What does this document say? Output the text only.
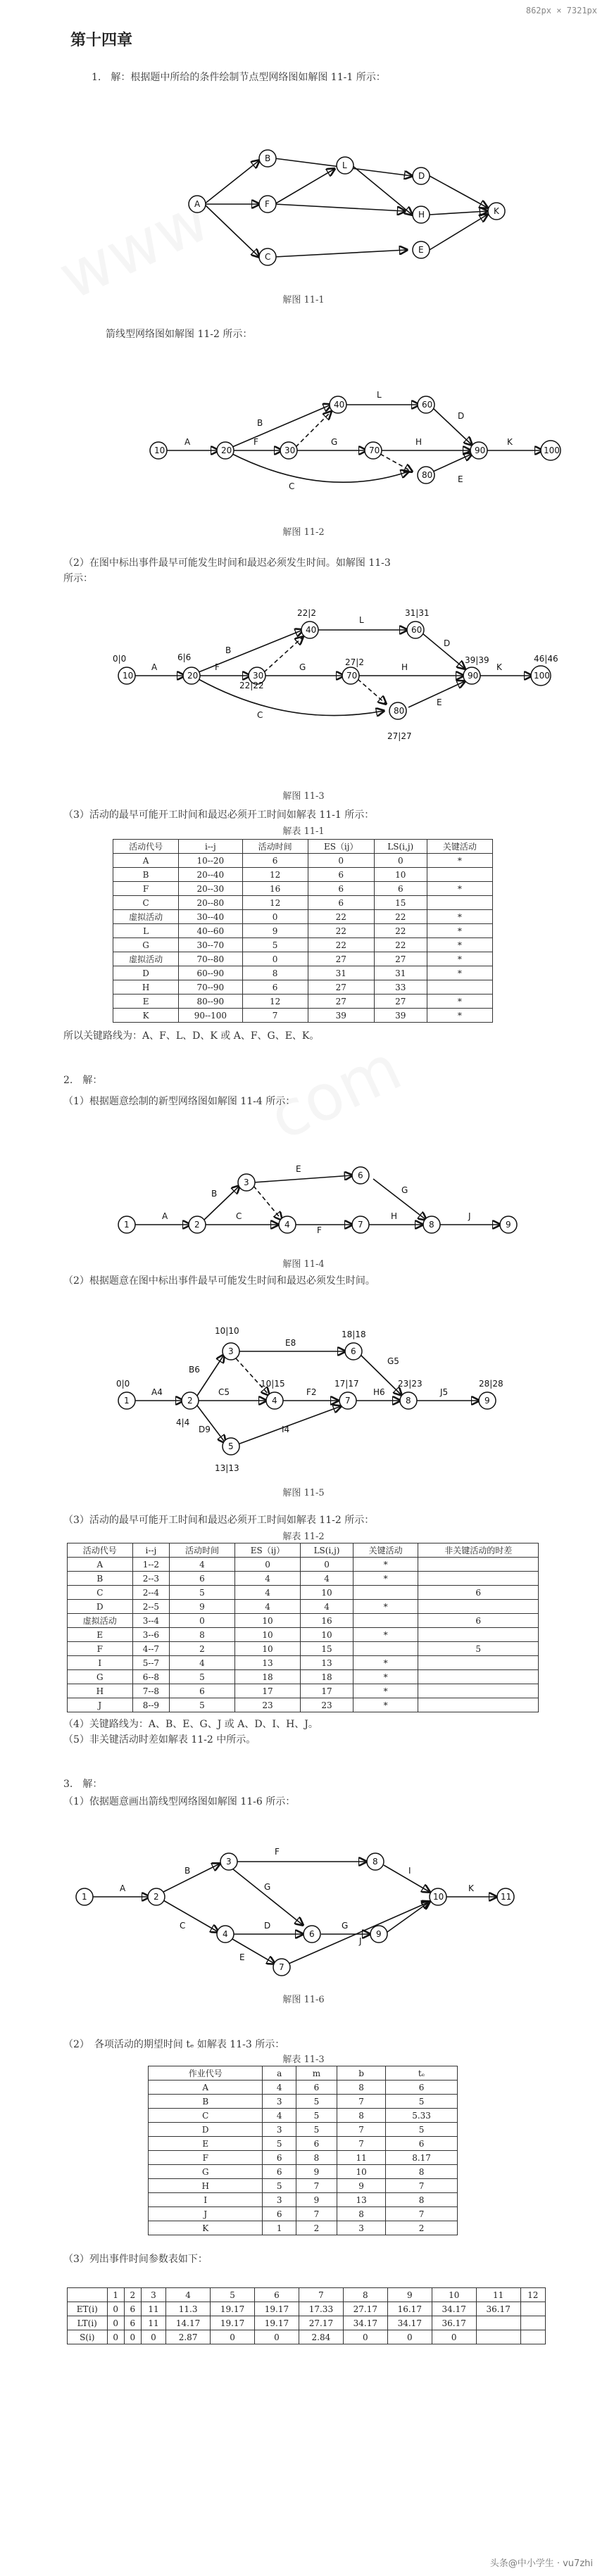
862px × 7321px
第十四章
1.　解：根据题中所给的条件绘制节点型网络图如解图 11-1 所示：
A
B
F
C
L
D
H
E
K
解图 11-1
箭线型网络图如解图 11-2 所示：
10	20	30
40	60
70
80
90	100
A
B
F
C
L
G	H
D
E
K
解图 11-2
（2）在图中标出事件最早可能发生时间和最迟必须发生时间。如解图 11-3
所示：
10	20	30
40	60
70
80
90	100
0|0	6|6
22|2	31|31
27|2
22|22
39|39	46|46
27|27
A
B
F
C
L
G	H
D
E
K
解图 11-3
（3）活动的最早可能开工时间和最迟必须开工时间如解表 11-1 所示：
解表 11-1
活动代号	i--j	活动时间	ES（ij）	LS(i,j)	关键活动
A	10--20	6	0	0	*
B	20--40	12	6	10	
F	20--30	16	6	6	*
C	20--80	12	6	15	
虚拟活动	30--40	0	22	22	*
L	40--60	9	22	22	*
G	30--70	5	22	22	*
虚拟活动	70--80	0	27	27	*
D	60--90	8	31	31	*
H	70--90	6	27	33	
E	80--90	12	27	27	*
K	90--100	7	39	39	*
所以关键路线为：A、F、L、D、K 或 A、F、G、E、K。
2.　解：
（1）根据题意绘制的新型网络图如解图 11-4 所示：
1	2
3
4
6
7	8	9
A
B
E
C
F
G
H	J
解图 11-4
（2）根据题意在图中标出事件最早可能发生时间和最迟必须发生时间。
1	2
3
4
5
6
7	8	9
0|0
10|10
10|15
18|18
17|17	23|23	28|28
13|13
4|4
A4
B6
C5
D9
E8
F2
G5
H6	J5
I4
解图 11-5
（3）活动的最早可能开工时间和最迟必须开工时间如解表 11-2 所示：
解表 11-2
活动代号	i--j	活动时间	ES（ij）	LS(i,j)	关键活动	非关键活动的时差
A	1--2	4	0	0	*	
B	2--3	6	4	4	*	
C	2--4	5	4	10		6
D	2--5	9	4	4	*	
虚拟活动	3--4	0	10	16		6
E	3--6	8	10	10	*	
F	4--7	2	10	15		5
I	5--7	4	13	13	*	
G	6--8	5	18	18	*	
H	7--8	6	17	17	*	
J	8--9	5	23	23	*	
（4）关键路线为：A、B、E、G、J 或 A、D、I、H、J。
（5）非关键活动时差如解表 11-2 中所示。
3.　解：
（1）依据题意画出箭线型网络图如解图 11-6 所示：
1	2
3
4	6
7
8
9
10	11
A
B
C
F
G
D
E
G
J
I
K
解图 11-6
（2）　各项活动的期望时间 tₑ 如解表 11-3 所示：
解表 11-3
作业代号	a	m	b	tₑ
A	4	6	8	6
B	3	5	7	5
C	4	5	8	5.33
D	3	5	7	5
E	5	6	7	6
F	6	8	11	8.17
G	6	9	10	8
H	5	7	9	7
I	3	9	13	8
J	6	7	8	7
K	1	2	3	2
（3）列出事件时间参数表如下：
	1	2	3	4	5	6	7	8	9	10	11	12
ET(i)	0	6	11	11.3	19.17	19.17	17.33	27.17	16.17	34.17	36.17	
LT(i)	0	6	11	14.17	19.17	19.17	27.17	34.17	34.17	36.17		
S(i)	0	0	0	2.87	0	0	2.84	0	0	0		
头条@中小学生 · vu7zhi
